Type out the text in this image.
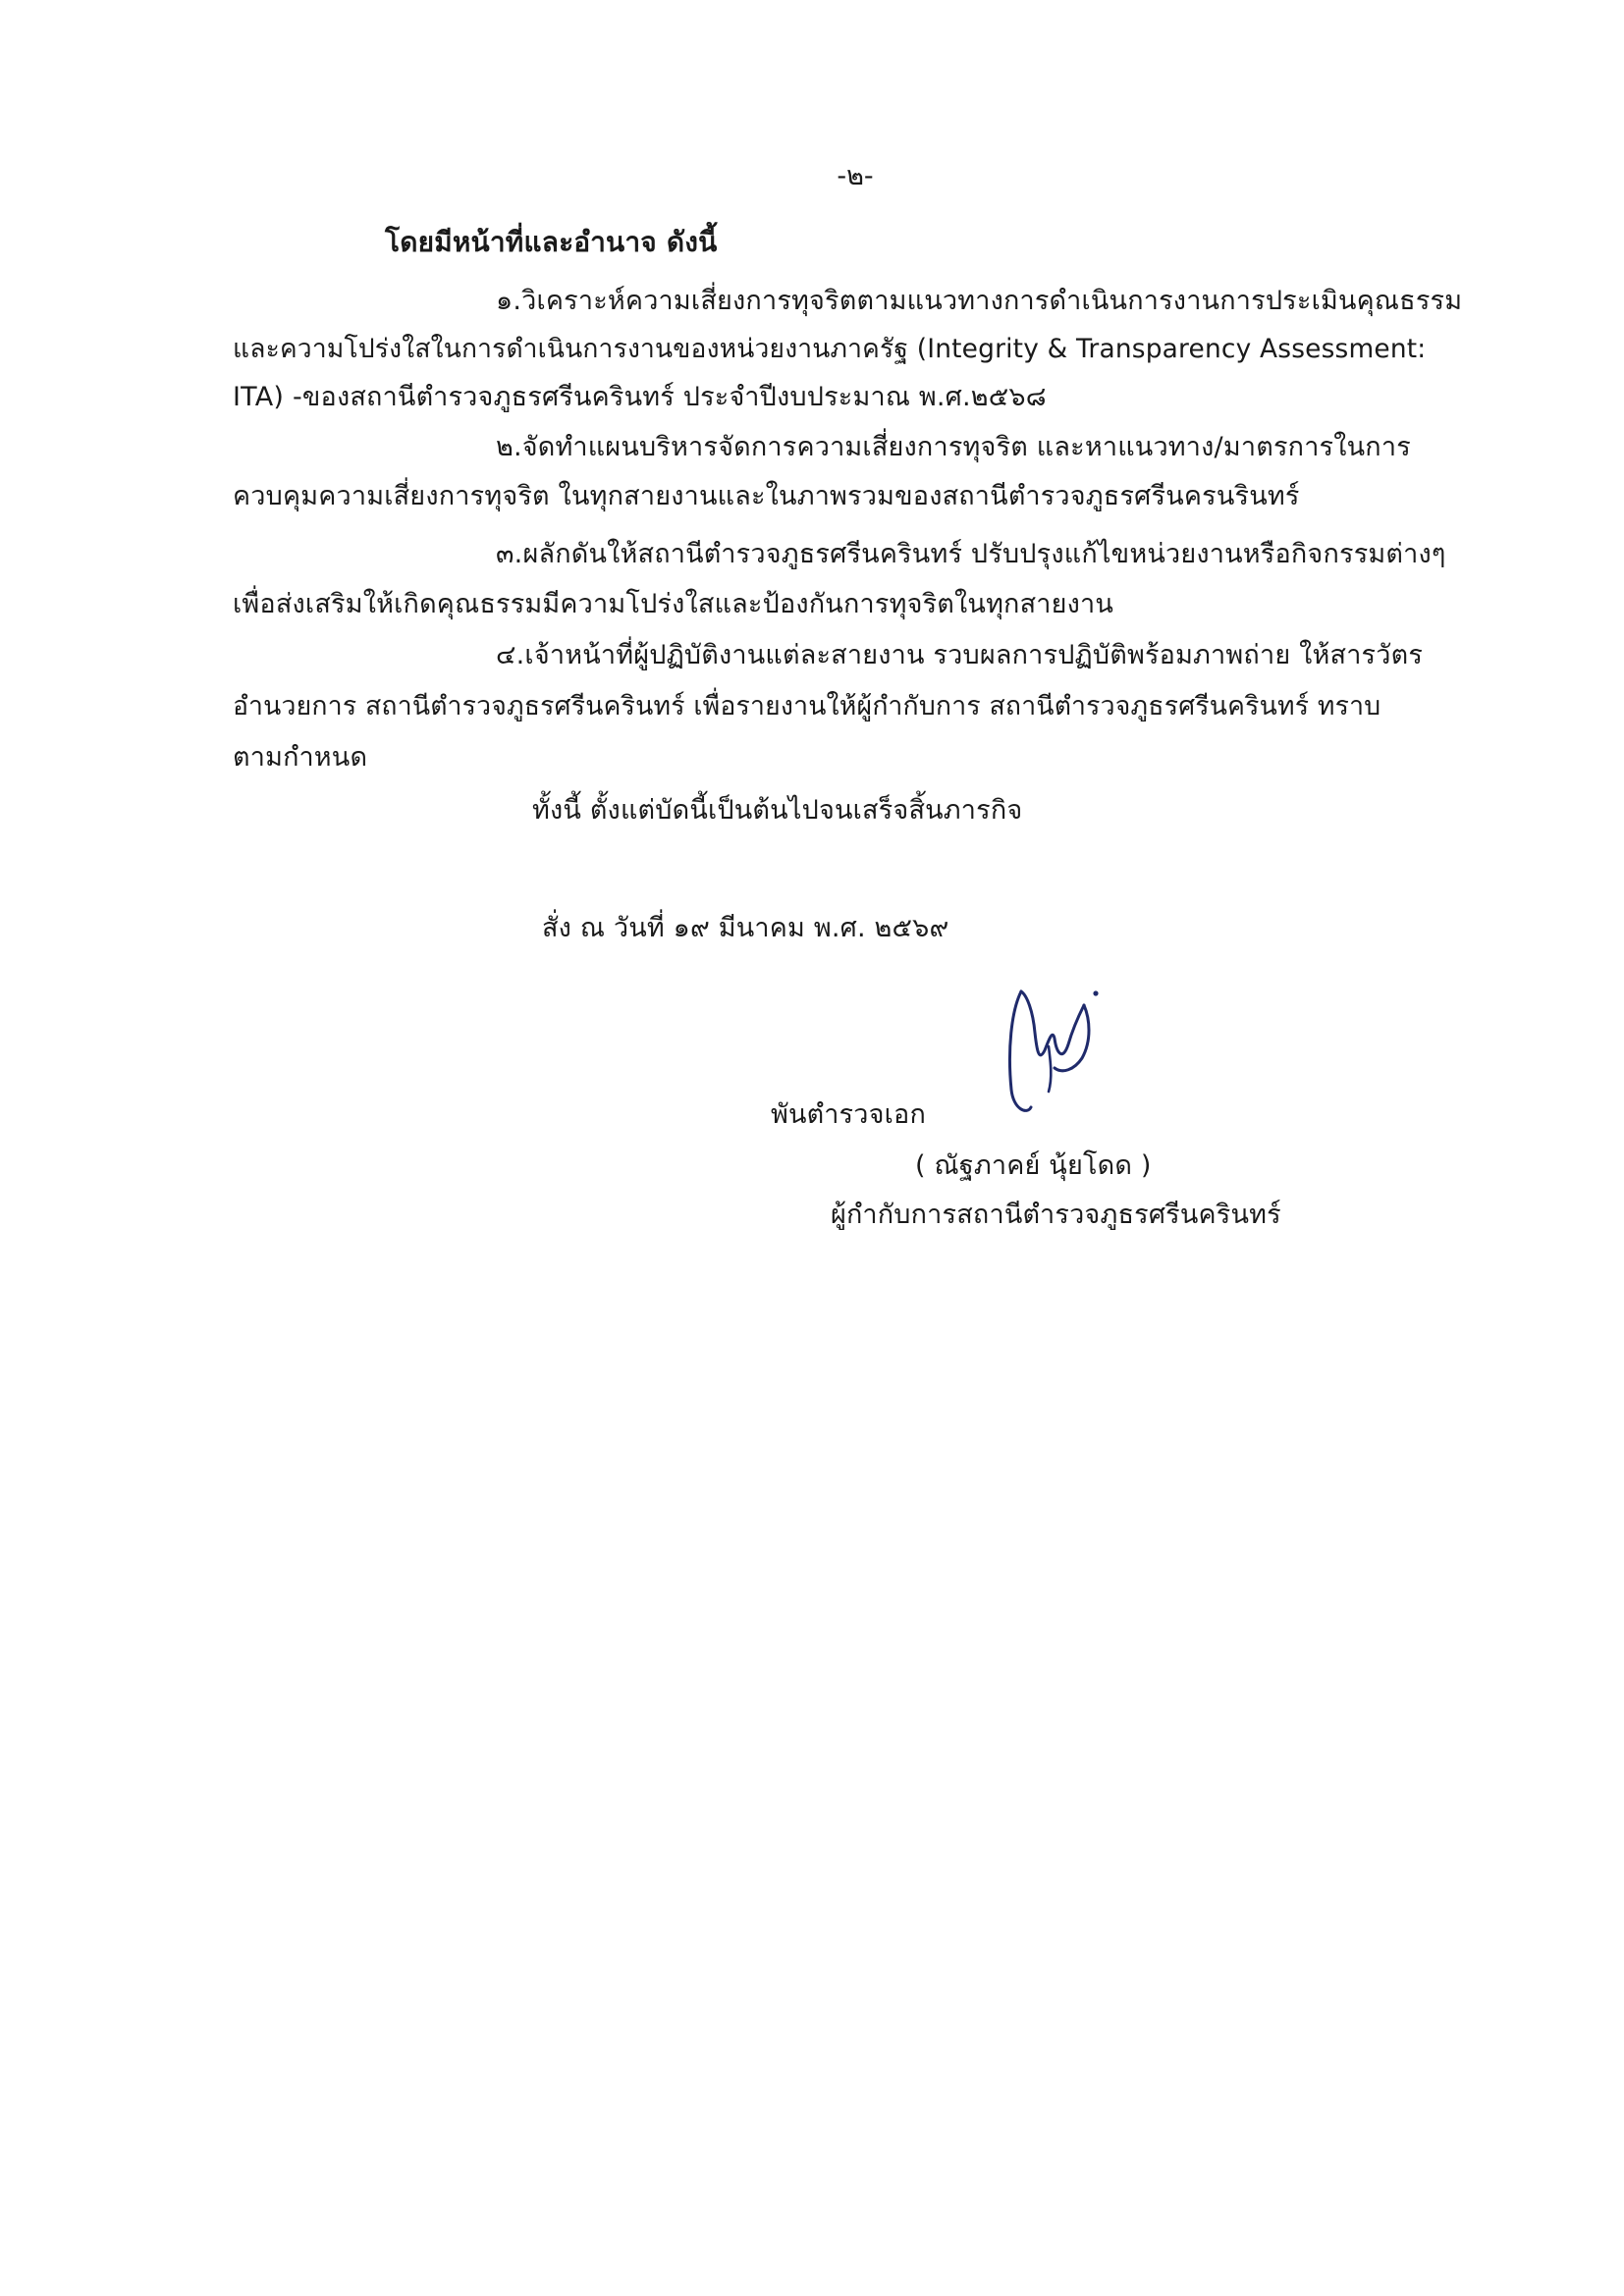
-๒-
โดยมีหน้าที่และอำนาจ ดังนี้
๑.วิเคราะห์ความเสี่ยงการทุจริตตามแนวทางการดำเนินการงานการประเมินคุณธรรม
และความโปร่งใสในการดำเนินการงานของหน่วยงานภาครัฐ (Integrity & Transparency Assessment:
ITA) -ของสถานีตำรวจภูธรศรีนครินทร์ ประจำปีงบประมาณ พ.ศ.๒๕๖๘
๒.จัดทำแผนบริหารจัดการความเสี่ยงการทุจริต และหาแนวทาง/มาตรการในการ
ควบคุมความเสี่ยงการทุจริต ในทุกสายงานและในภาพรวมของสถานีตำรวจภูธรศรีนครนรินทร์
๓.ผลักดันให้สถานีตำรวจภูธรศรีนครินทร์ ปรับปรุงแก้ไขหน่วยงานหรือกิจกรรมต่างๆ
เพื่อส่งเสริมให้เกิดคุณธรรมมีความโปร่งใสและป้องกันการทุจริตในทุกสายงาน
๔.เจ้าหน้าที่ผู้ปฏิบัติงานแต่ละสายงาน รวบผลการปฏิบัติพร้อมภาพถ่าย ให้สารวัตร
อำนวยการ สถานีตำรวจภูธรศรีนครินทร์ เพื่อรายงานให้ผู้กำกับการ สถานีตำรวจภูธรศรีนครินทร์ ทราบ
ตามกำหนด
ทั้งนี้ ตั้งแต่บัดนี้เป็นต้นไปจนเสร็จสิ้นภารกิจ
สั่ง ณ วันที่ ๑๙ มีนาคม พ.ศ. ๒๕๖๙
พันตำรวจเอก
( ณัฐภาคย์ นุ้ยโดด )
ผู้กำกับการสถานีตำรวจภูธรศรีนครินทร์
